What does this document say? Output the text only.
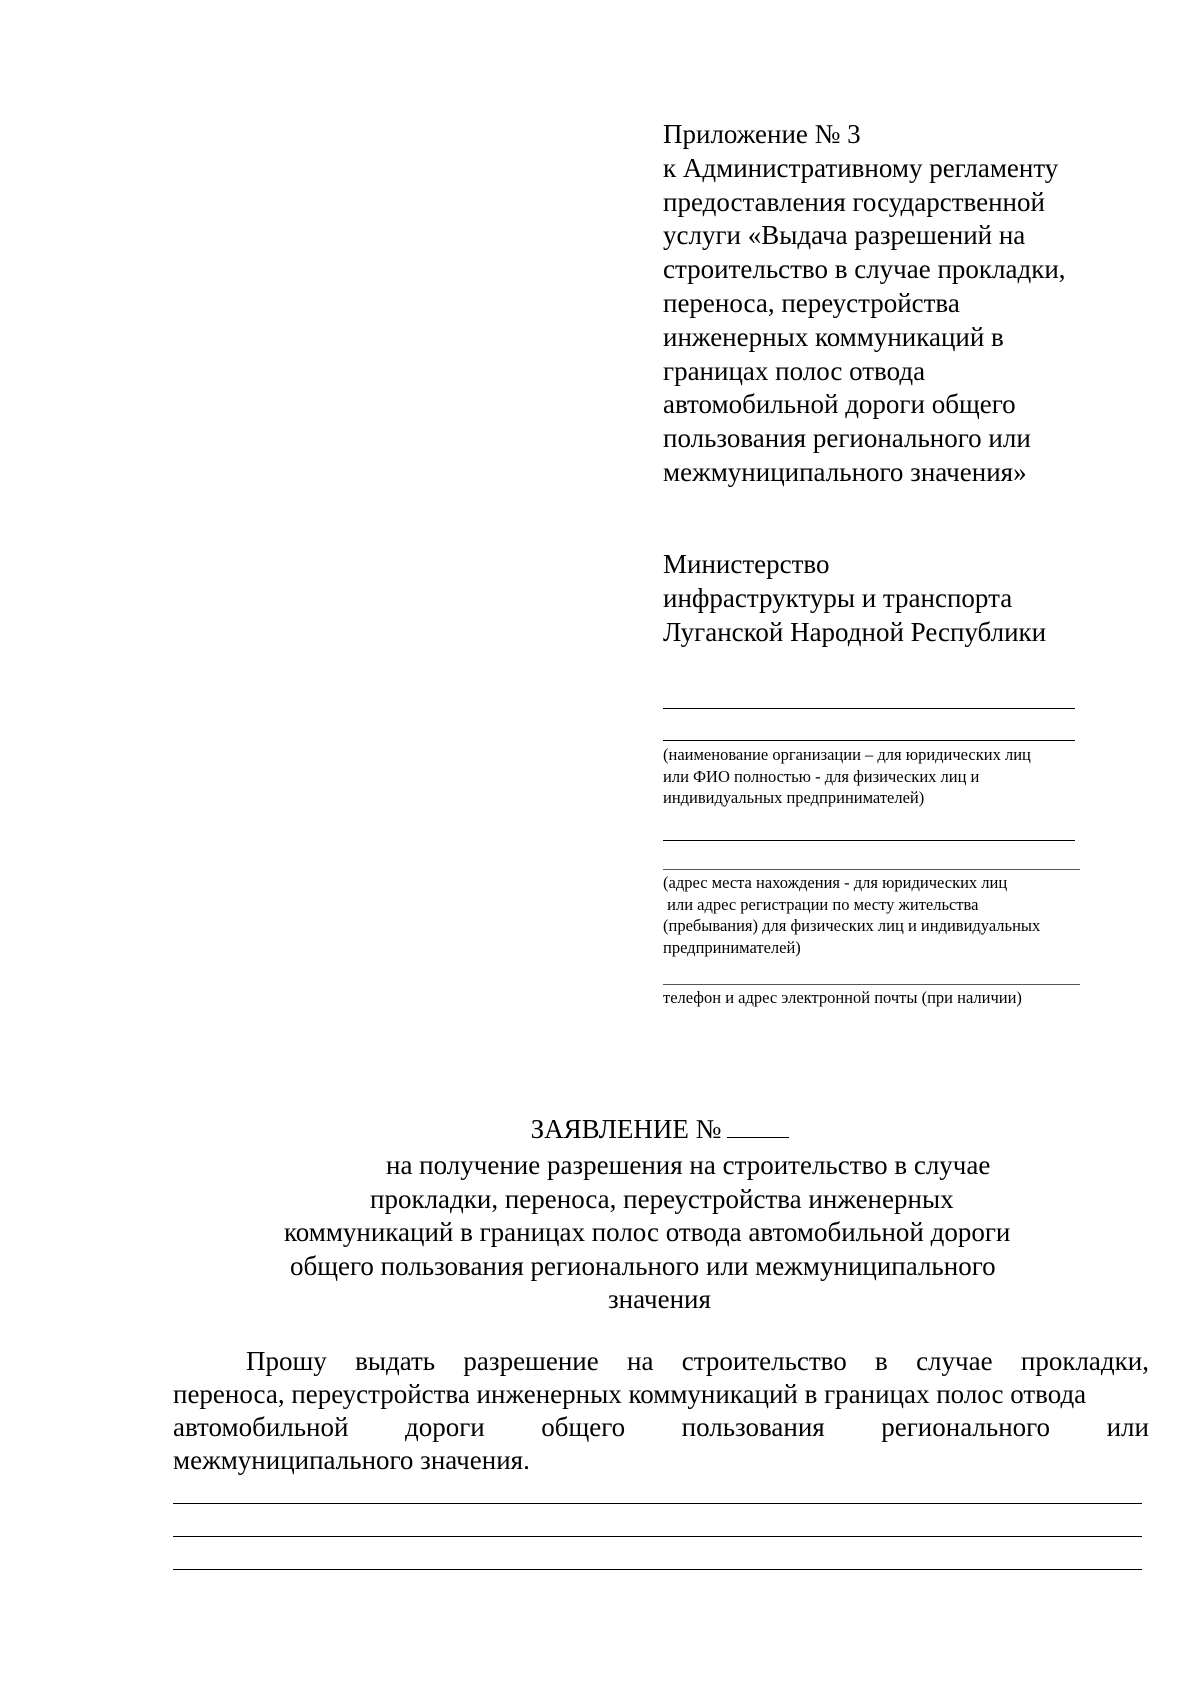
Приложение № 3
к Административному регламенту
предоставления государственной
услуги «Выдача разрешений на
строительство в случае прокладки,
переноса, переустройства
инженерных коммуникаций в
границах полос отвода
автомобильной дороги общего
пользования регионального или
межмуниципального значения»
Министерство
инфраструктуры и транспорта
Луганской Народной Республики
(наименование организации – для юридических лиц
или ФИО полностью - для физических лиц и
индивидуальных предпринимателей)
(адрес места нахождения - для юридических лиц
или адрес регистрации по месту жительства
(пребывания) для физических лиц и индивидуальных
предпринимателей)
телефон и адрес электронной почты (при наличии)
ЗАЯВЛЕНИЕ №
на получение разрешения на строительство в случае
прокладки, переноса, переустройства инженерных
коммуникаций в границах полос отвода автомобильной дороги
общего пользования регионального или межмуниципального
значения
Прошу выдать разрешение на строительство в случае прокладки,
переноса, переустройства инженерных коммуникаций в границах полос отвода
автомобильной дороги общего пользования регионального или
межмуниципального значения.
